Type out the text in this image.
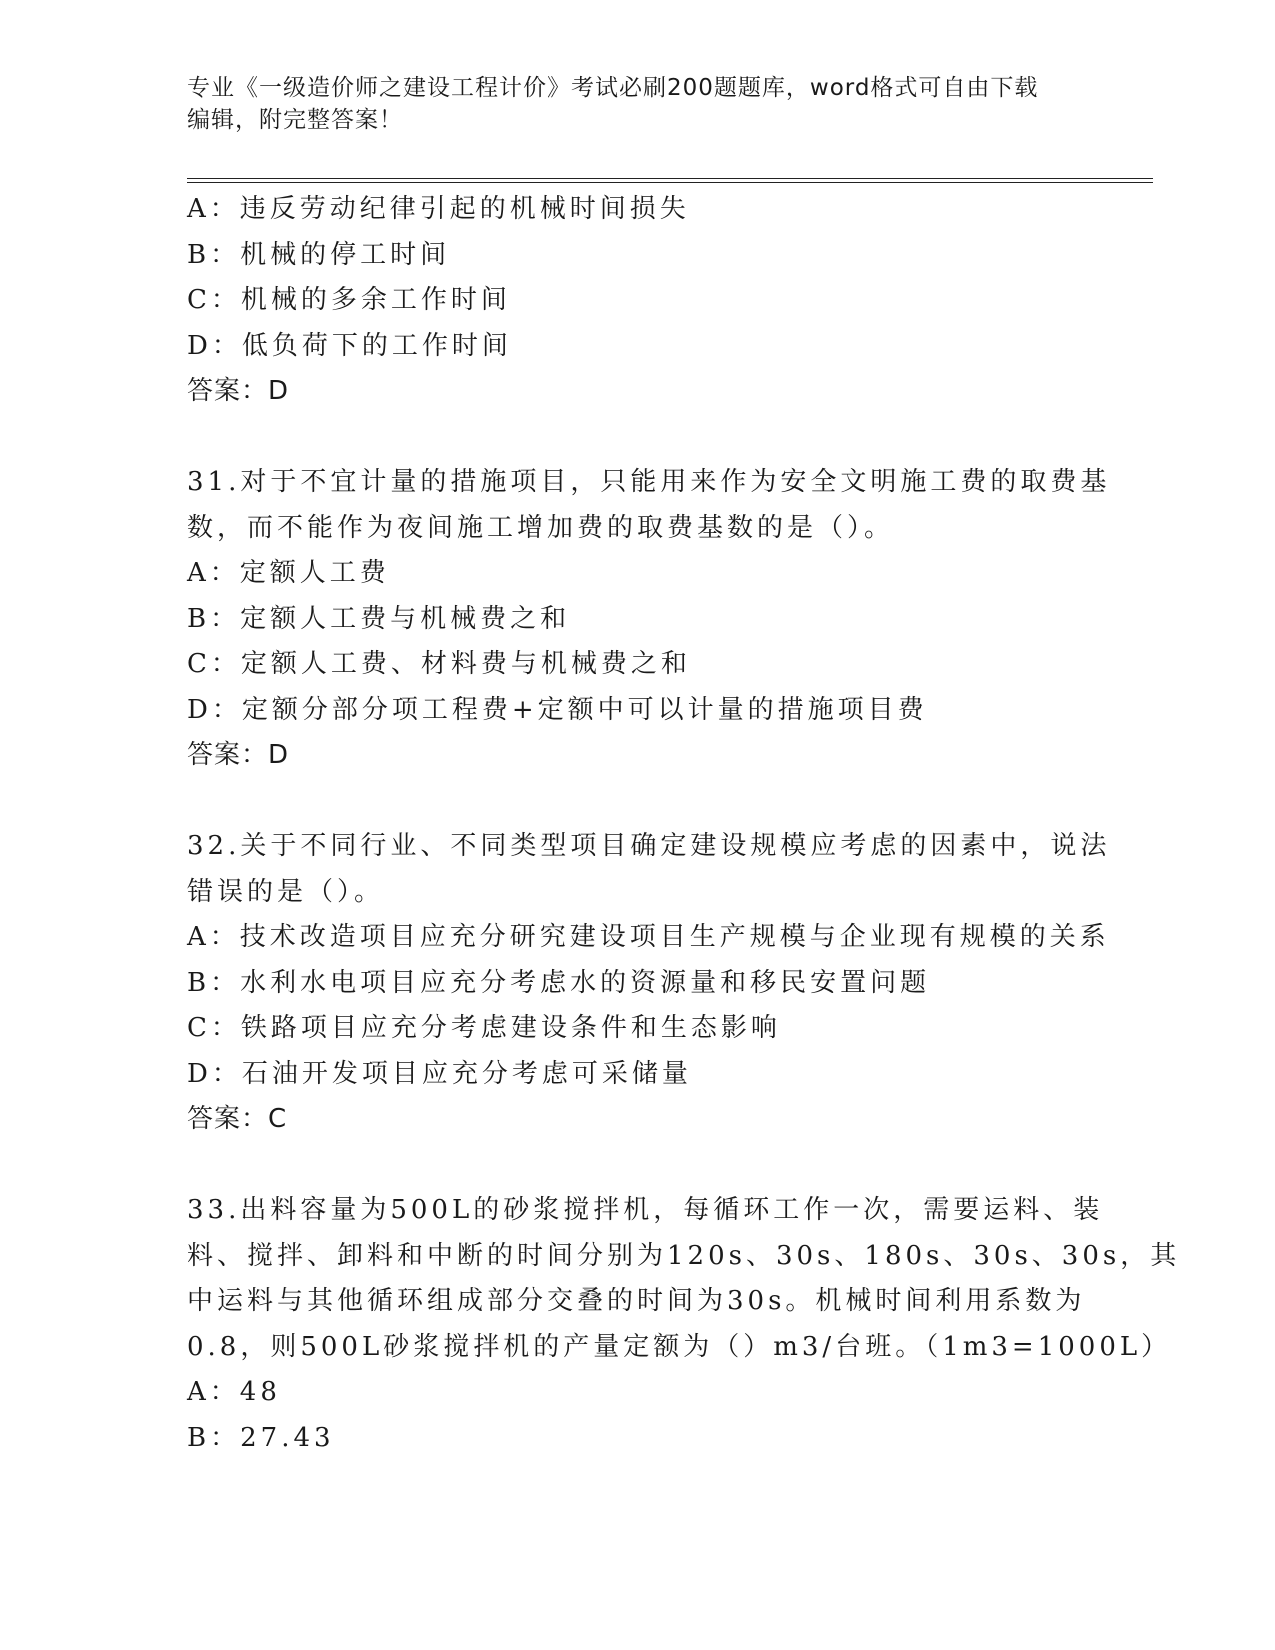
专业《一级造价师之建设工程计价》考试必刷200题题库，word格式可自由下载
编辑，附完整答案！
A：违反劳动纪律引起的机械时间损失
B：机械的停工时间
C：机械的多余工作时间
D：低负荷下的工作时间
答案：D
31.对于不宜计量的措施项目，只能用来作为安全文明施工费的取费基
数，而不能作为夜间施工增加费的取费基数的是（）。
A：定额人工费
B：定额人工费与机械费之和
C：定额人工费、材料费与机械费之和
D：定额分部分项工程费+定额中可以计量的措施项目费
答案：D
32.关于不同行业、不同类型项目确定建设规模应考虑的因素中，说法
错误的是（）。
A：技术改造项目应充分研究建设项目生产规模与企业现有规模的关系
B：水利水电项目应充分考虑水的资源量和移民安置问题
C：铁路项目应充分考虑建设条件和生态影响
D：石油开发项目应充分考虑可采储量
答案：C
33.出料容量为500L的砂浆搅拌机，每循环工作一次，需要运料、装
料、搅拌、卸料和中断的时间分别为120s、30s、180s、30s、30s，其
中运料与其他循环组成部分交叠的时间为30s。机械时间利用系数为
0.8，则500L砂浆搅拌机的产量定额为（）m3/台班。（1m3=1000L）
A：48
B：27.43
